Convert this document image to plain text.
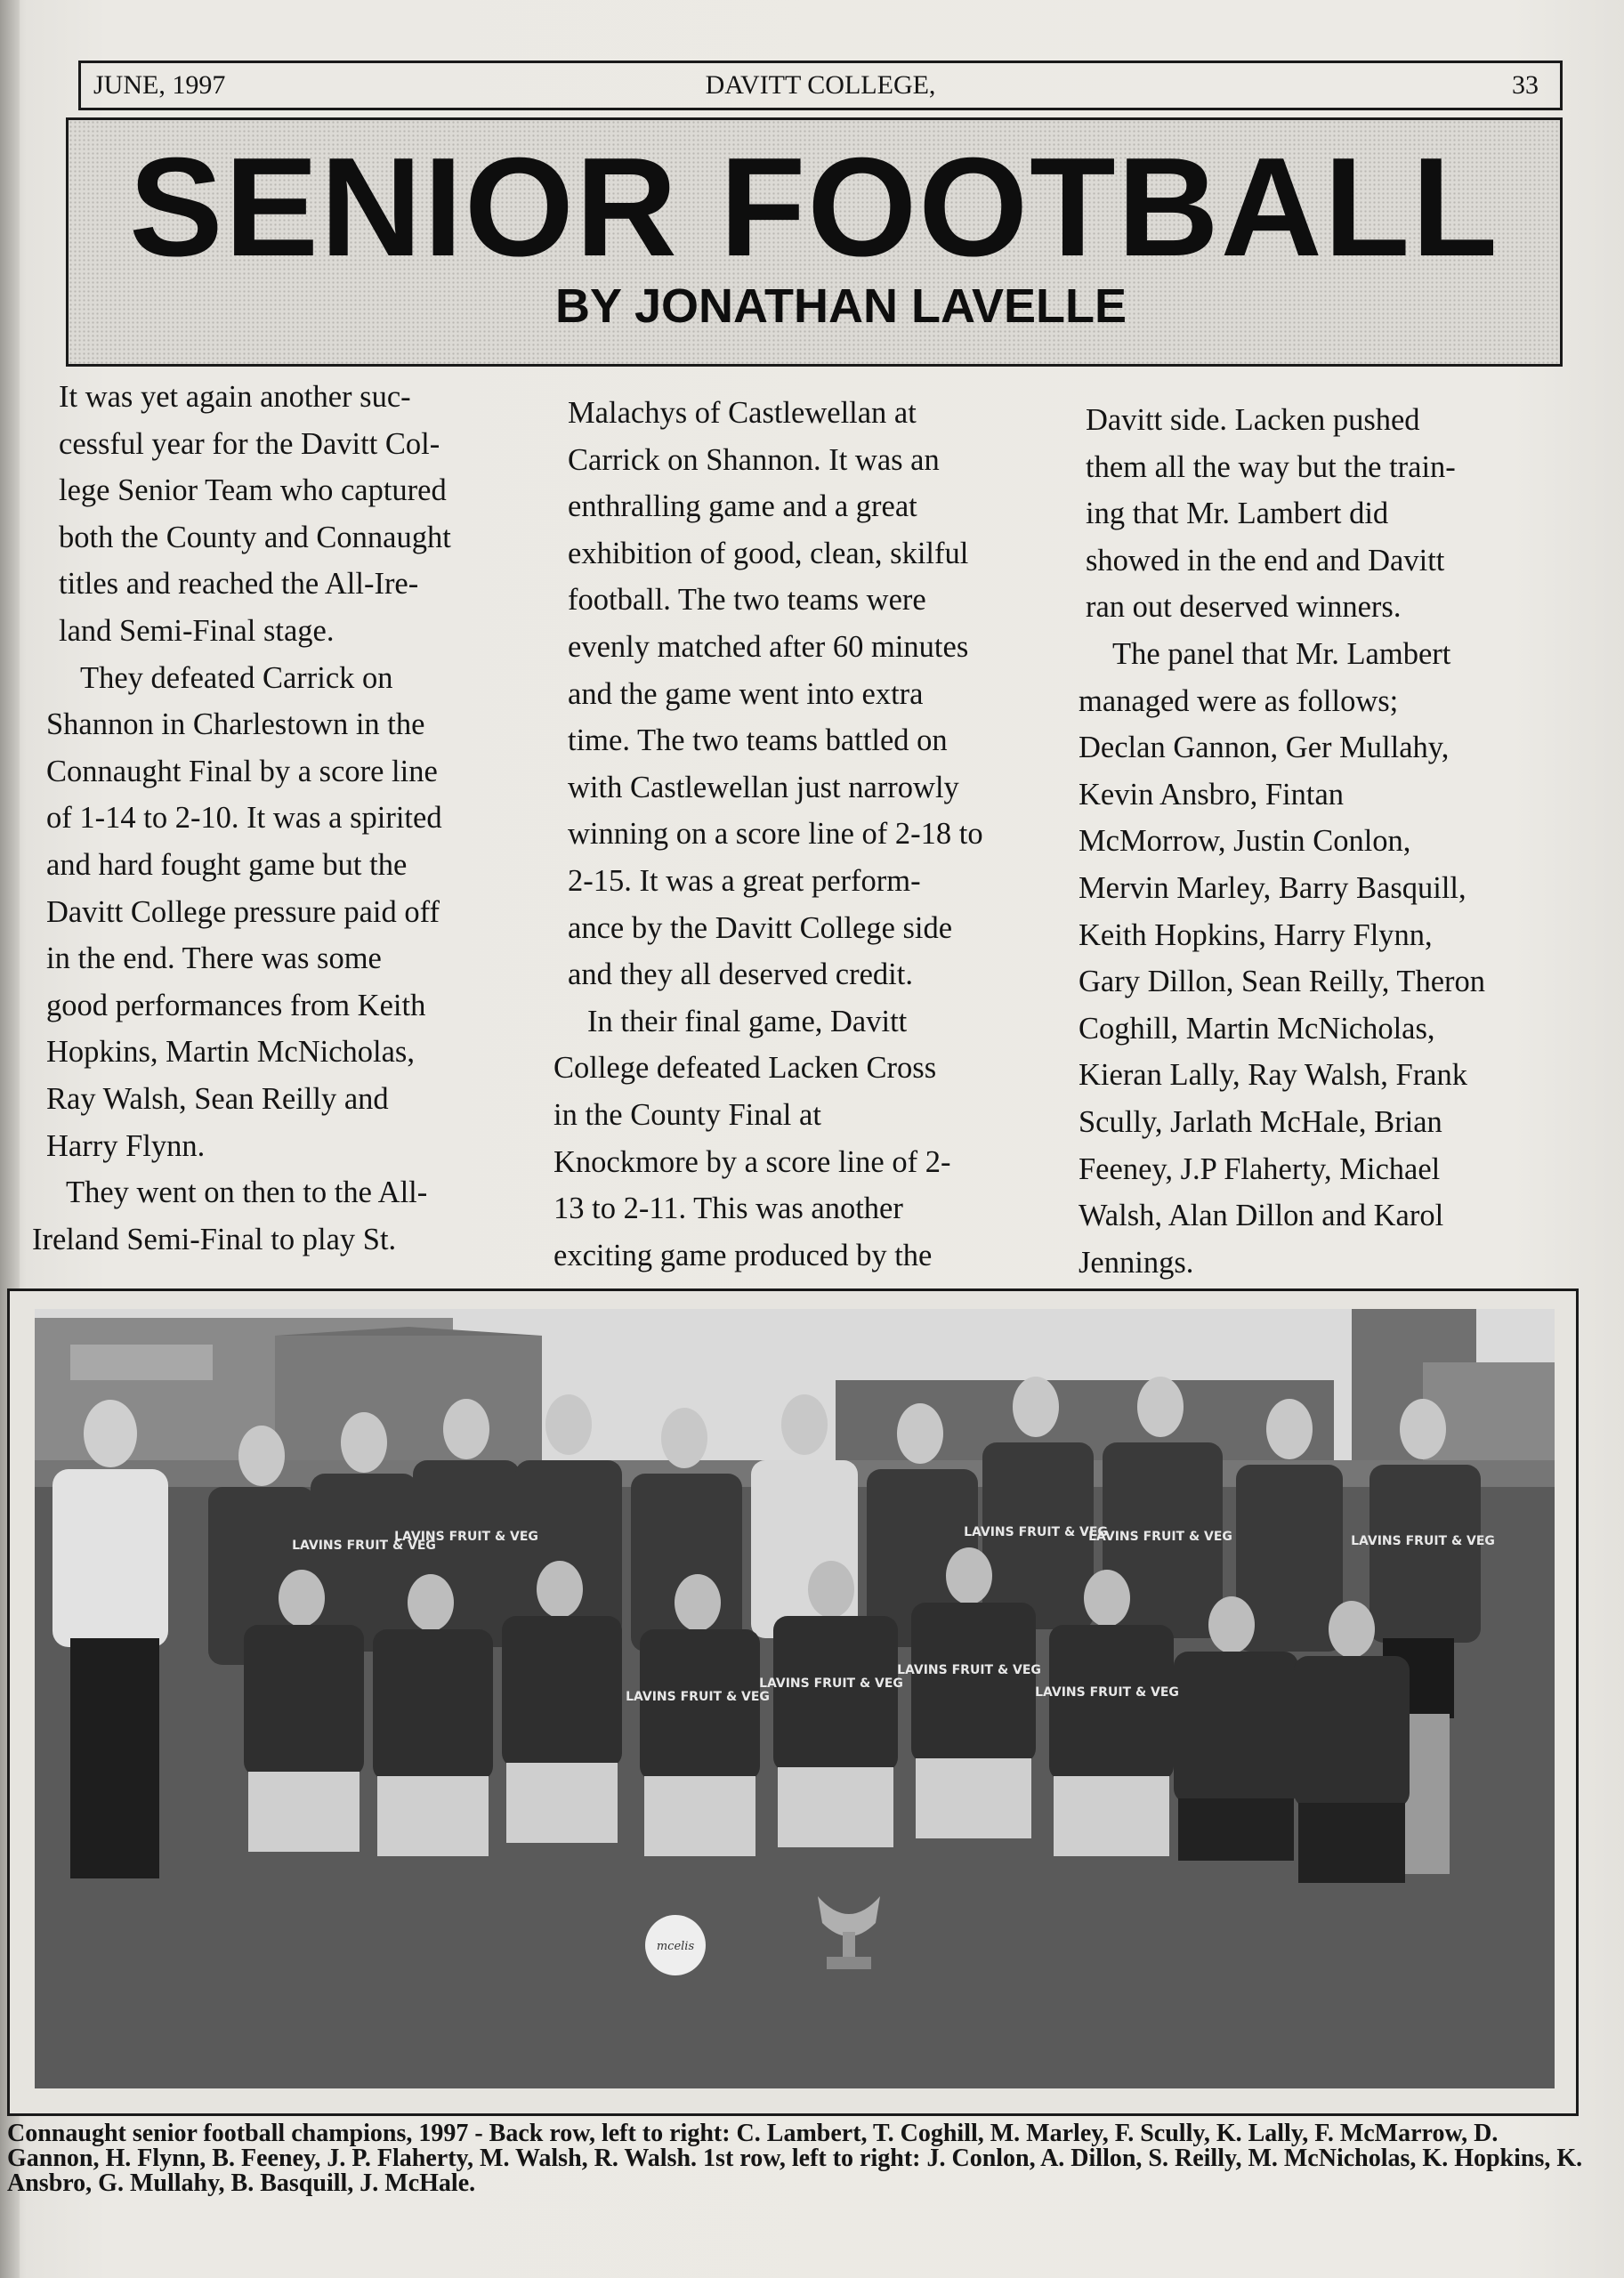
JUNE, 1997	DAVITT COLLEGE,	33
SENIOR FOOTBALL
BY JONATHAN LAVELLE

It was yet again another suc-
cessful year for the Davitt Col-
lege Senior Team who captured
both the County and Connaught
titles and reached the All-Ire-
land Semi-Final stage.

They defeated Carrick on
Shannon in Charlestown in the
Connaught Final by a score line
of 1-14 to 2-10. It was a spirited
and hard fought game but the
Davitt College pressure paid off
in the end. There was some
good performances from Keith
Hopkins, Martin McNicholas,
Ray Walsh, Sean Reilly and
Harry Flynn.

They went on then to the All-
Ireland Semi-Final to play St.

Malachys of Castlewellan at
Carrick on Shannon. It was an
enthralling game and a great
exhibition of good, clean, skilful
football. The two teams were
evenly matched after 60 minutes
and the game went into extra
time. The two teams battled on
with Castlewellan just narrowly
winning on a score line of 2-18 to
2-15. It was a great perform-
ance by the Davitt College side
and they all deserved credit.

In their final game, Davitt
College defeated Lacken Cross
in the County Final at
Knockmore by a score line of 2-
13 to 2-11. This was another
exciting game produced by the

Davitt side. Lacken pushed
them all the way but the train-
ing that Mr. Lambert did
showed in the end and Davitt
ran out deserved winners.

The panel that Mr. Lambert
managed were as follows;
Declan Gannon, Ger Mullahy,
Kevin Ansbro, Fintan
McMorrow, Justin Conlon,
Mervin Marley, Barry Basquill,
Keith Hopkins, Harry Flynn,
Gary Dillon, Sean Reilly, Theron
Coghill, Martin McNicholas,
Kieran Lally, Ray Walsh, Frank
Scully, Jarlath McHale, Brian
Feeney, J.P Flaherty, Michael
Walsh, Alan Dillon and Karol
Jennings.

LAVINS FRUIT & VEG
LAVINS FRUIT & VEG	LAVINS FRUIT & VEG
LAVINS FRUIT & VEG	LAVINS FRUIT & VEG
LAVINS FRUIT & VEG
LAVINS FRUIT & VEG
LAVINS FRUIT & VEG
LAVINS FRUIT & VEG
mcelis
Connaught senior football champions, 1997 - Back row, left to right: C. Lambert, T. Coghill, M. Marley, F. Scully, K. Lally, F. McMarrow, D. Gannon, H. Flynn, B. Feeney, J. P. Flaherty, M. Walsh, R. Walsh. 1st row, left to right: J. Conlon, A. Dillon, S. Reilly, M. McNicholas, K. Hopkins, K. Ansbro, G. Mullahy, B. Basquill, J. McHale.
